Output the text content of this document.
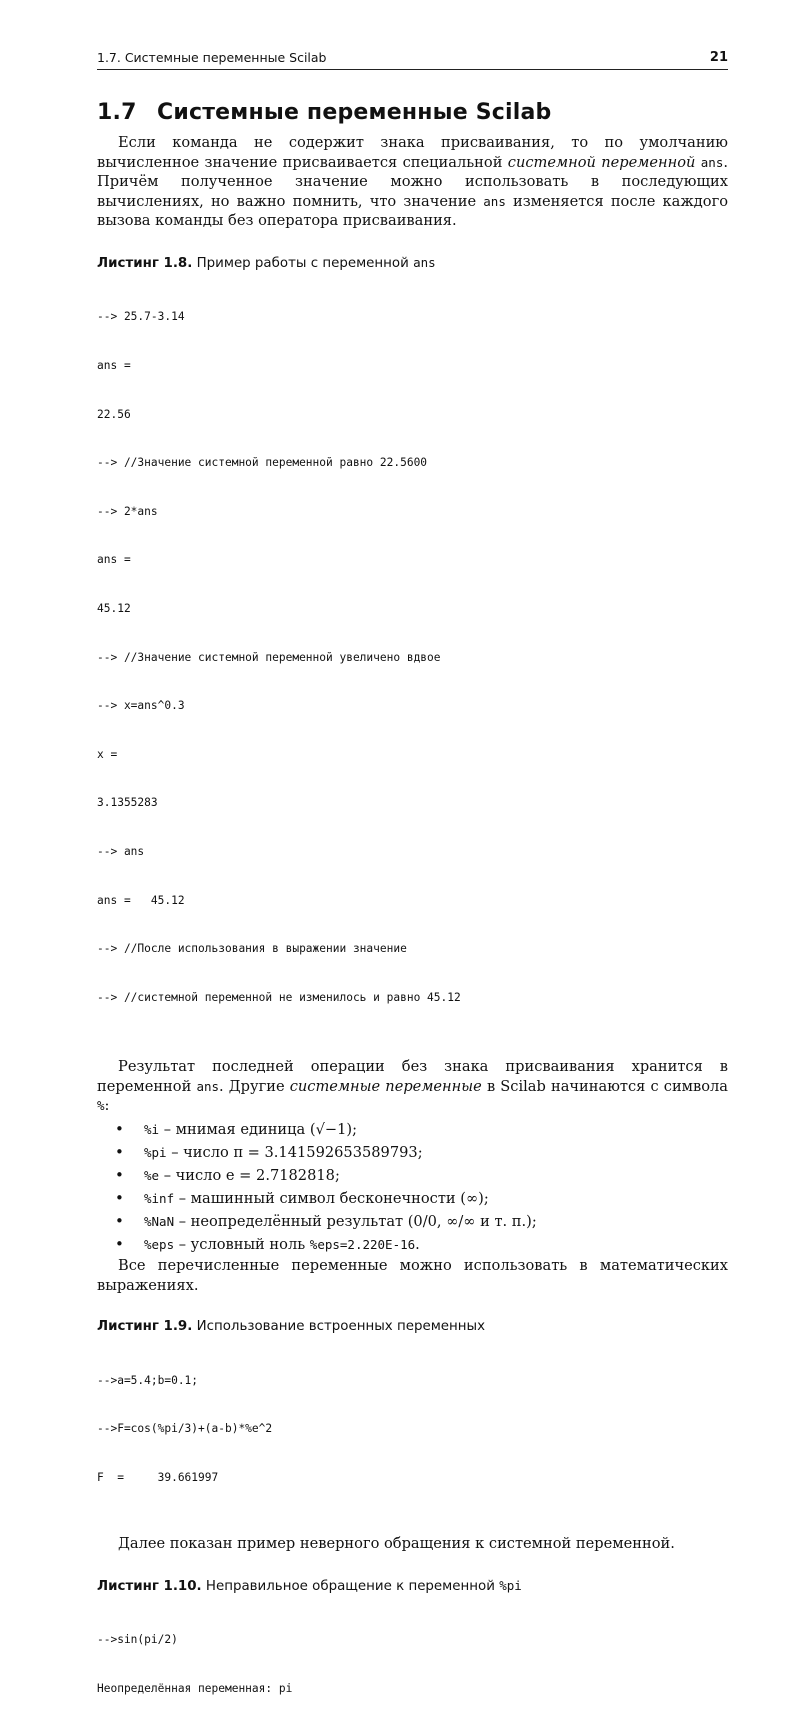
1.7. Системные переменные Scilab	21
1.7 Системные переменные Scilab

Если команда не содержит знака присваивания, то по умолчанию вычисленное значение присваивается специальной системной переменной ans. Причём полученное значение можно использовать в последующих вычислениях, но важно помнить, что значение ans изменяется после каждого вызова команды без оператора присваивания.

Листинг 1.8. Пример работы с переменной ans

--> 25.7-3.14

ans =

22.56

--> //Значение системной переменной равно 22.5600

--> 2*ans

ans =

45.12

--> //Значение системной переменной увеличено вдвое

--> x=ans^0.3

x =

3.1355283

--> ans

ans =   45.12

--> //После использования в выражении значение

--> //системной переменной не изменилось и равно 45.12

Результат последней операции без знака присваивания хранится в переменной ans. Другие системные переменные в Scilab начинаются с символа %:

• %i – мнимая единица (√−1);
• %pi – число π = 3.141592653589793;
• %e – число e = 2.7182818;
• %inf – машинный символ бесконечности (∞);
• %NaN – неопределённый результат (0/0, ∞/∞ и т. п.);
• %eps – условный ноль %eps=2.220E-16.

Все перечисленные переменные можно использовать в математических выражениях.

Листинг 1.9. Использование встроенных переменных

-->a=5.4;b=0.1;

-->F=cos(%pi/3)+(a-b)*%e^2

F  =     39.661997

Далее показан пример неверного обращения к системной переменной.

Листинг 1.10. Неправильное обращение к переменной %pi

-->sin(pi/2)

Неопределённая переменная: pi
